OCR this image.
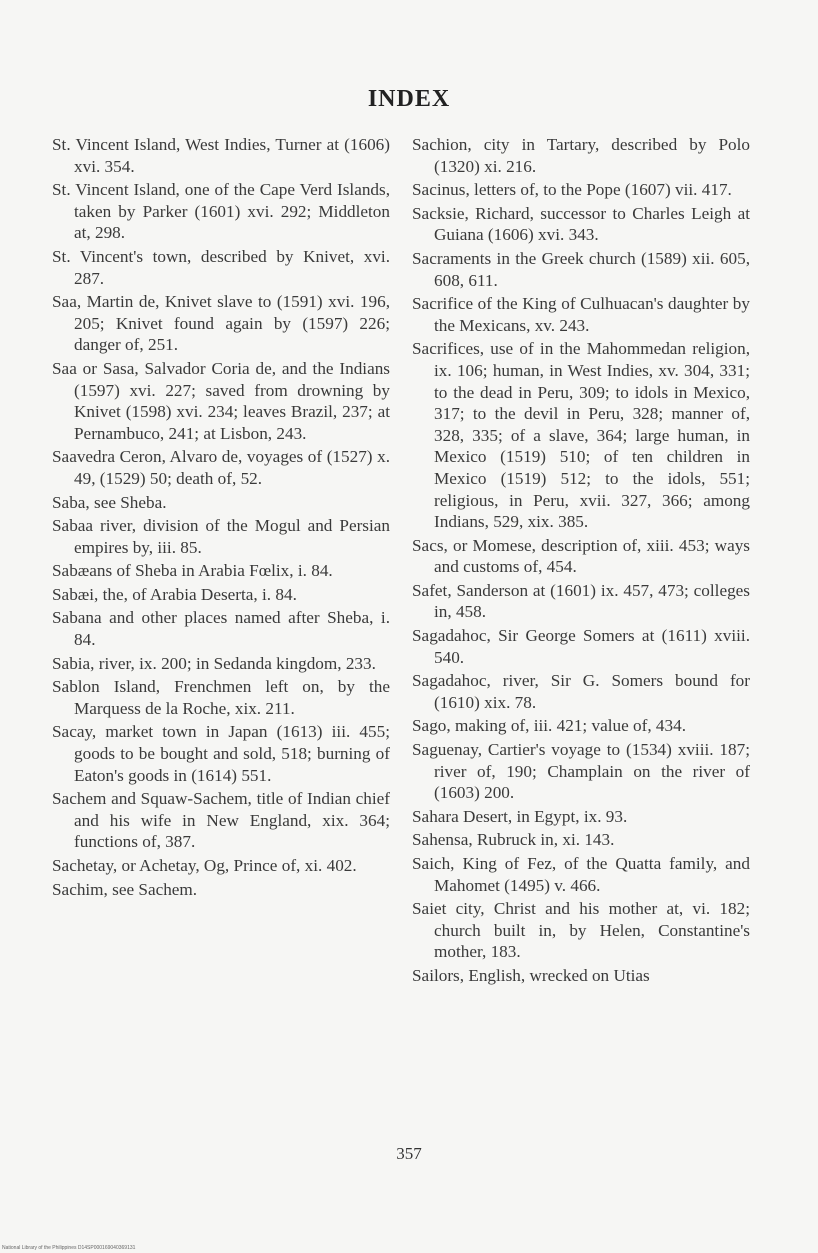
INDEX

St. Vincent Island, West Indies, Turner at (1606) xvi. 354.

St. Vincent Island, one of the Cape Verd Islands, taken by Parker (1601) xvi. 292; Middleton at, 298.

St. Vincent's town, described by Knivet, xvi. 287.

Saa, Martin de, Knivet slave to (1591) xvi. 196, 205; Knivet found again by (1597) 226; danger of, 251.

Saa or Sasa, Salvador Coria de, and the Indians (1597) xvi. 227; saved from drowning by Knivet (1598) xvi. 234; leaves Brazil, 237; at Pernambuco, 241; at Lisbon, 243.

Saavedra Ceron, Alvaro de, voyages of (1527) x. 49, (1529) 50; death of, 52.

Saba, see Sheba.

Sabaa river, division of the Mogul and Persian empires by, iii. 85.

Sabæans of Sheba in Arabia Fœlix, i. 84.

Sabæi, the, of Arabia Deserta, i. 84.

Sabana and other places named after Sheba, i. 84.

Sabia, river, ix. 200; in Sedanda kingdom, 233.

Sablon Island, Frenchmen left on, by the Marquess de la Roche, xix. 211.

Sacay, market town in Japan (1613) iii. 455; goods to be bought and sold, 518; burning of Eaton's goods in (1614) 551.

Sachem and Squaw-Sachem, title of Indian chief and his wife in New England, xix. 364; functions of, 387.

Sachetay, or Achetay, Og, Prince of, xi. 402.

Sachim, see Sachem.

Sachion, city in Tartary, described by Polo (1320) xi. 216.

Sacinus, letters of, to the Pope (1607) vii. 417.

Sacksie, Richard, successor to Charles Leigh at Guiana (1606) xvi. 343.

Sacraments in the Greek church (1589) xii. 605, 608, 611.

Sacrifice of the King of Culhuacan's daughter by the Mexicans, xv. 243.

Sacrifices, use of in the Mahommedan religion, ix. 106; human, in West Indies, xv. 304, 331; to the dead in Peru, 309; to idols in Mexico, 317; to the devil in Peru, 328; manner of, 328, 335; of a slave, 364; large human, in Mexico (1519) 510; of ten children in Mexico (1519) 512; to the idols, 551; religious, in Peru, xvii. 327, 366; among Indians, 529, xix. 385.

Sacs, or Momese, description of, xiii. 453; ways and customs of, 454.

Safet, Sanderson at (1601) ix. 457, 473; colleges in, 458.

Sagadahoc, Sir George Somers at (1611) xviii. 540.

Sagadahoc, river, Sir G. Somers bound for (1610) xix. 78.

Sago, making of, iii. 421; value of, 434.

Saguenay, Cartier's voyage to (1534) xviii. 187; river of, 190; Champlain on the river of (1603) 200.

Sahara Desert, in Egypt, ix. 93.

Sahensa, Rubruck in, xi. 143.

Saich, King of Fez, of the Quatta family, and Mahomet (1495) v. 466.

Saiet city, Christ and his mother at, vi. 182; church built in, by Helen, Constantine's mother, 183.

Sailors, English, wrecked on Utias

357
National Library of the Philippines D14SP000169040369131
